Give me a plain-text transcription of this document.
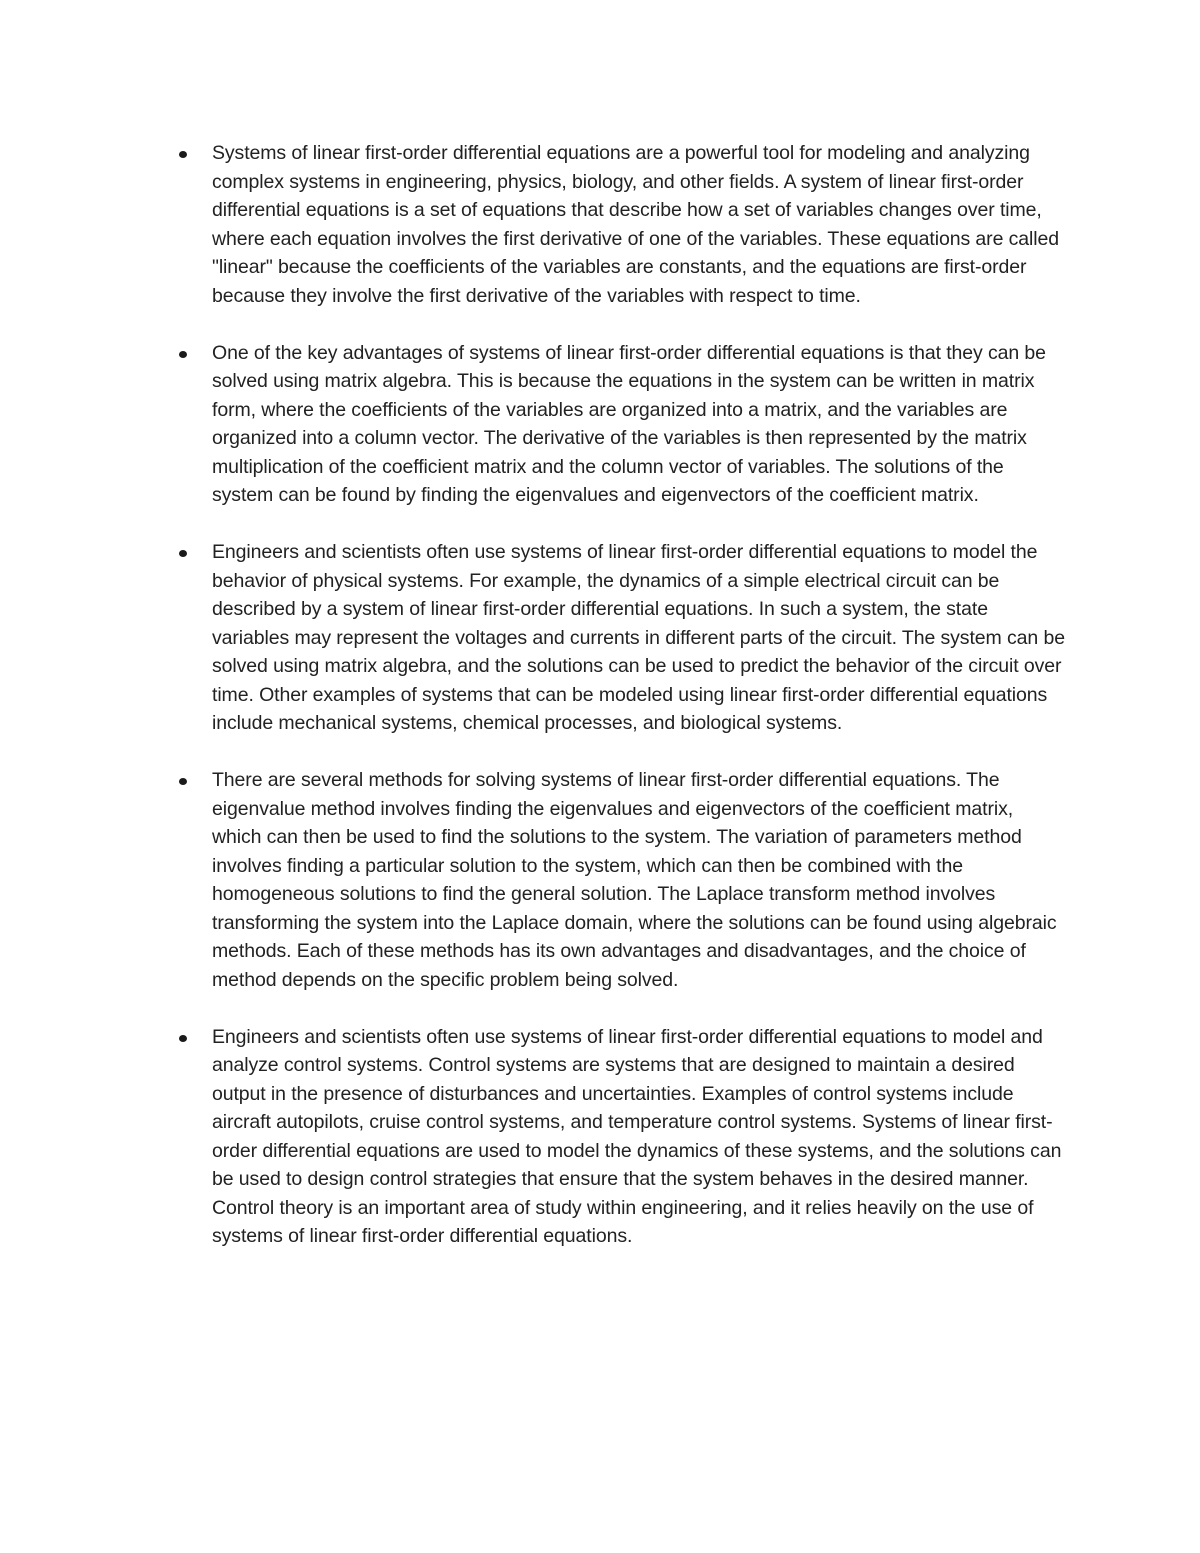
Systems of linear first-order differential equations are a powerful tool for modeling and analyzing complex systems in engineering, physics, biology, and other fields. A system of linear first-order differential equations is a set of equations that describe how a set of variables changes over time, where each equation involves the first derivative of one of the variables. These equations are called "linear" because the coefficients of the variables are constants, and the equations are first-order because they involve the first derivative of the variables with respect to time.
One of the key advantages of systems of linear first-order differential equations is that they can be solved using matrix algebra. This is because the equations in the system can be written in matrix form, where the coefficients of the variables are organized into a matrix, and the variables are organized into a column vector. The derivative of the variables is then represented by the matrix multiplication of the coefficient matrix and the column vector of variables. The solutions of the system can be found by finding the eigenvalues and eigenvectors of the coefficient matrix.
Engineers and scientists often use systems of linear first-order differential equations to model the behavior of physical systems. For example, the dynamics of a simple electrical circuit can be described by a system of linear first-order differential equations. In such a system, the state variables may represent the voltages and currents in different parts of the circuit. The system can be solved using matrix algebra, and the solutions can be used to predict the behavior of the circuit over time. Other examples of systems that can be modeled using linear first-order differential equations include mechanical systems, chemical processes, and biological systems.
There are several methods for solving systems of linear first-order differential equations. The eigenvalue method involves finding the eigenvalues and eigenvectors of the coefficient matrix, which can then be used to find the solutions to the system. The variation of parameters method involves finding a particular solution to the system, which can then be combined with the homogeneous solutions to find the general solution. The Laplace transform method involves transforming the system into the Laplace domain, where the solutions can be found using algebraic methods. Each of these methods has its own advantages and disadvantages, and the choice of method depends on the specific problem being solved.
Engineers and scientists often use systems of linear first-order differential equations to model and analyze control systems. Control systems are systems that are designed to maintain a desired output in the presence of disturbances and uncertainties. Examples of control systems include aircraft autopilots, cruise control systems, and temperature control systems. Systems of linear first-order differential equations are used to model the dynamics of these systems, and the solutions can be used to design control strategies that ensure that the system behaves in the desired manner. Control theory is an important area of study within engineering, and it relies heavily on the use of systems of linear first-order differential equations.
